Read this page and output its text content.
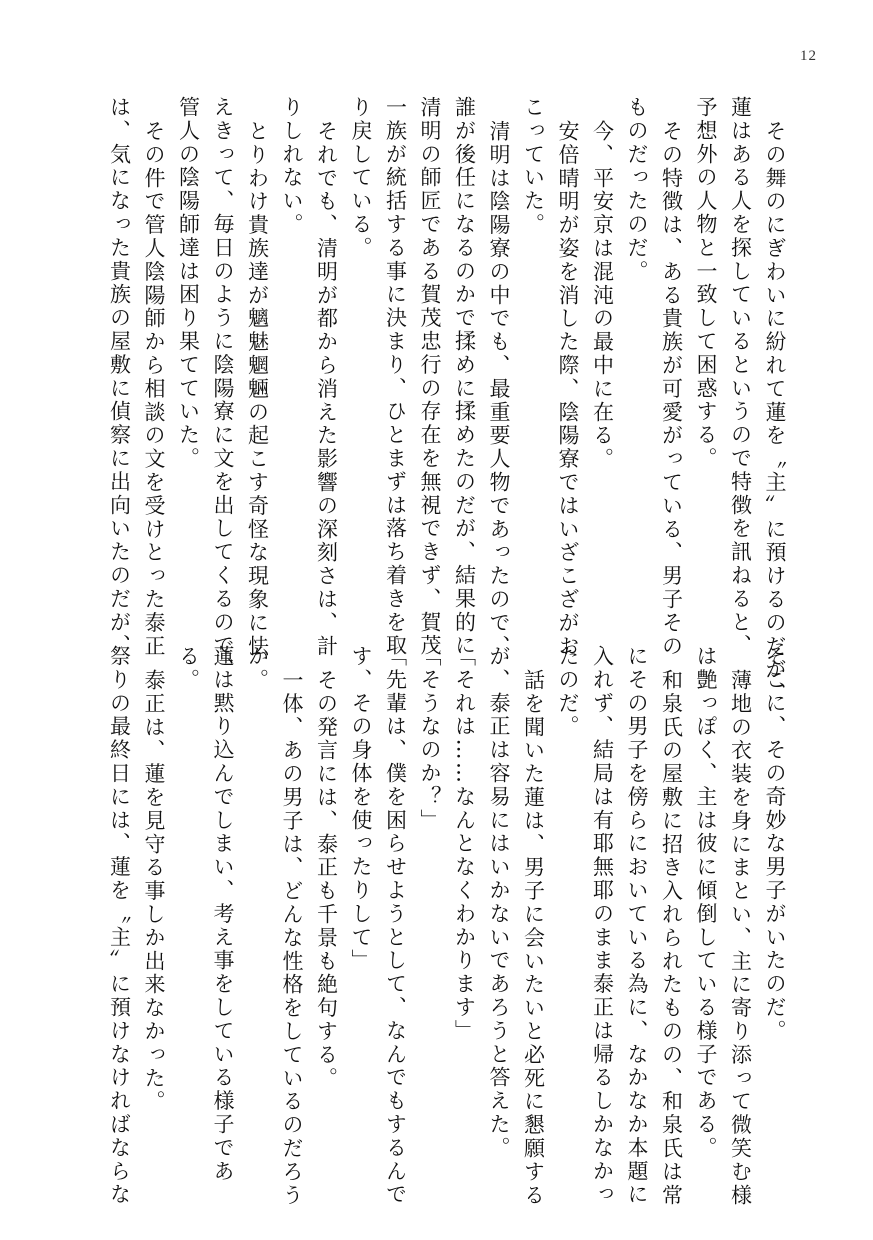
12
その舞のにぎわいに紛れて蓮を〝主〟に預けるのだが、
蓮はある人を探しているというので特徴を訊ねると、
予想外の人物と一致して困惑する。
その特徴は、ある貴族が可愛がっている、男子その
ものだったのだ。
今、平安京は混沌の最中に在る。
安倍晴明が姿を消した際、陰陽寮ではいざこざがお
こっていた。
清明は陰陽寮の中でも、最重要人物であったので、
誰が後任になるのかで揉めに揉めたのだが、結果的に
清明の師匠である賀茂忠行の存在を無視できず、賀茂
一族が統括する事に決まり、ひとまずは落ち着きを取
り戻している。
それでも、清明が都から消えた影響の深刻さは、計
りしれない。
とりわけ貴族達が魑魅魍魎の起こす奇怪な現象に怯
えきって、毎日のように陰陽寮に文を出してくるので、
管人の陰陽師達は困り果てていた。
その件で管人陰陽師から相談の文を受けとった泰正
は、気になった貴族の屋敷に偵察に出向いたのだが、
そこに、その奇妙な男子がいたのだ。
薄地の衣装を身にまとい、主に寄り添って微笑む様
は艶っぽく、主は彼に傾倒している様子である。
和泉氏の屋敷に招き入れられたものの、和泉氏は常
にその男子を傍らにおいている為に、なかなか本題に
入れず、結局は有耶無耶のまま泰正は帰るしかなかっ
たのだ。
話を聞いた蓮は、男子に会いたいと必死に懇願する
が、泰正は容易にはいかないであろうと答えた。
「それは……なんとなくわかります」
「そうなのか？」
「先輩は、僕を困らせようとして、なんでもするんで
す、その身体を使ったりして」
その発言には、泰正も千景も絶句する。
一体、あの男子は、どんな性格をしているのだろう
か。
蓮は黙り込んでしまい、考え事をしている様子であ
る。
泰正は、蓮を見守る事しか出来なかった。
祭りの最終日には、蓮を〝主〟に預けなければならな
